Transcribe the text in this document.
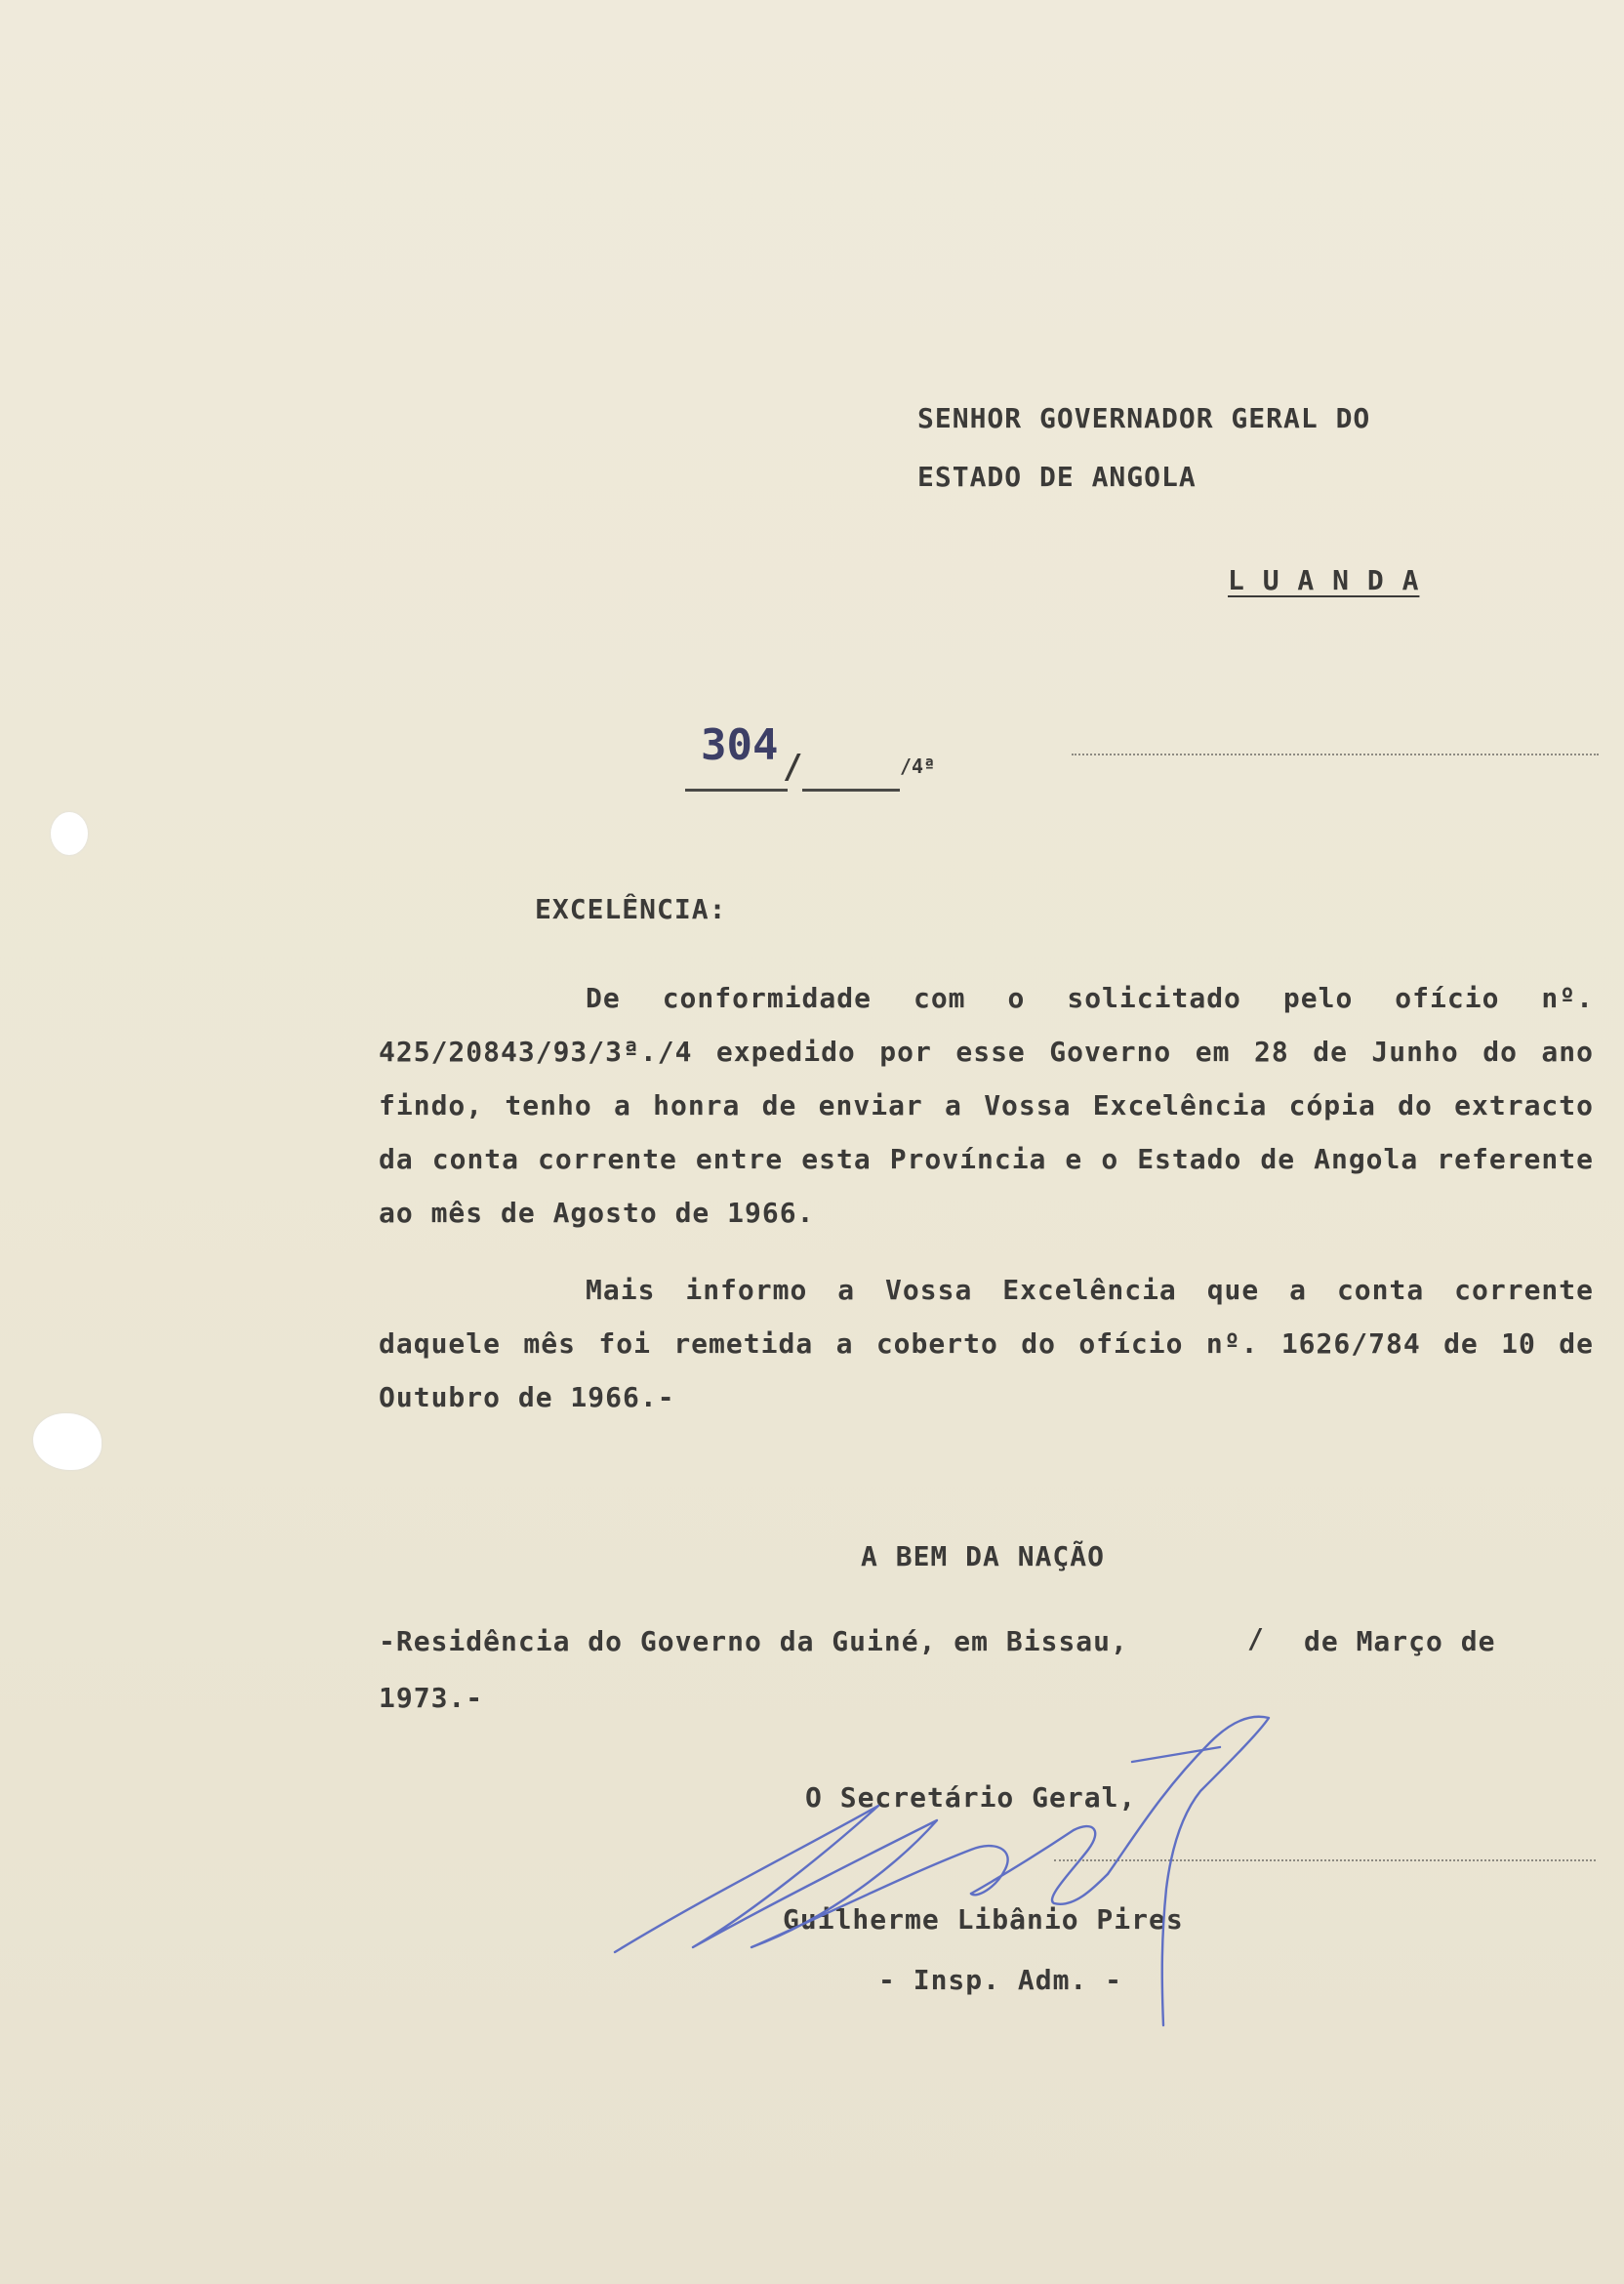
SENHOR GOVERNADOR GERAL DO
ESTADO DE ANGOLA
L U A N D A
304 /	/4ª
EXCELÊNCIA:

De conformidade com o solicitado pelo ofício nº. 425/20843/93/3ª./4 expedido por esse Governo em 28 de Junho do ano findo, tenho a honra de enviar a Vossa Excelência cópia do extracto da conta corrente entre esta Província e o Estado de Angola referente ao mês de Agosto de 1966.

Mais informo a Vossa Excelência que a conta corrente daquele mês foi remetida a coberto do ofício nº. 1626/784 de 10 de Outubro de 1966.-

A BEM DA NAÇÃO
-Residência do Governo da Guiné, em Bissau,	/ de Março de
1973.-
O Secretário Geral,
Guilherme Libânio Pires
- Insp. Adm. -
